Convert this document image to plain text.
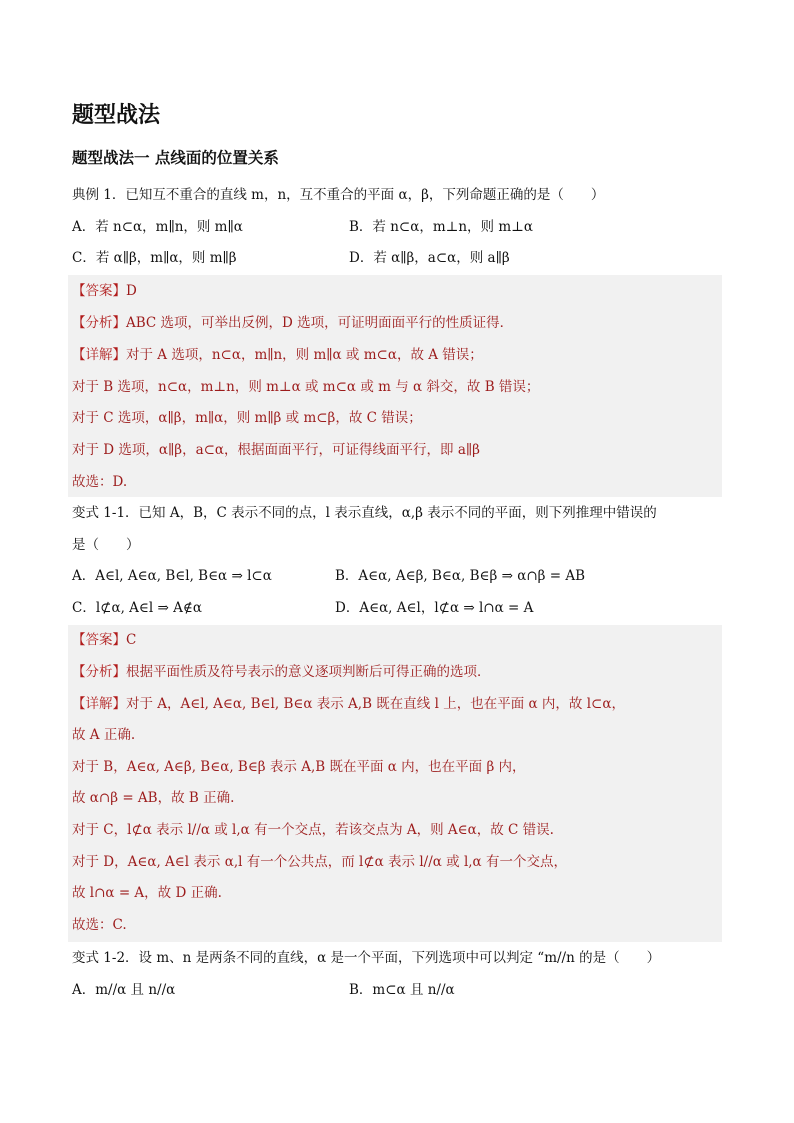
题型战法
题型战法一 点线面的位置关系
典例 1．已知互不重合的直线 m，n，互不重合的平面 α，β，下列命题正确的是（　　）
A．若 n⊂α，m∥n，则 m∥α	B．若 n⊂α，m⊥n，则 m⊥α
C．若 α∥β，m∥α，则 m∥β	D．若 α∥β，a⊂α，则 a∥β
【答案】D
【分析】ABC 选项，可举出反例，D 选项，可证明面面平行的性质证得．
【详解】对于 A 选项，n⊂α，m∥n，则 m∥α 或 m⊂α，故 A 错误；
对于 B 选项，n⊂α，m⊥n，则 m⊥α 或 m⊂α 或 m 与 α 斜交，故 B 错误；
对于 C 选项，α∥β，m∥α，则 m∥β 或 m⊂β，故 C 错误；
对于 D 选项，α∥β，a⊂α，根据面面平行，可证得线面平行，即 a∥β
故选：D.
变式 1-1．已知 A，B，C 表示不同的点，l 表示直线，α,β 表示不同的平面，则下列推理中错误的
是（　　）
A．A∈l, A∈α, B∈l, B∈α ⇒ l⊂α	B．A∈α, A∈β, B∈α, B∈β ⇒ α∩β = AB
C．l⊄α, A∈l ⇒ A∉α	D．A∈α, A∈l，l⊄α ⇒ l∩α = A
【答案】C
【分析】根据平面性质及符号表示的意义逐项判断后可得正确的选项．
【详解】对于 A，A∈l, A∈α, B∈l, B∈α 表示 A,B 既在直线 l 上，也在平面 α 内，故 l⊂α，
故 A 正确.
对于 B，A∈α, A∈β, B∈α, B∈β 表示 A,B 既在平面 α 内，也在平面 β 内，
故 α∩β = AB，故 B 正确.
对于 C，l⊄α 表示 l//α 或 l,α 有一个交点，若该交点为 A，则 A∈α，故 C 错误.
对于 D，A∈α, A∈l 表示 α,l 有一个公共点，而 l⊄α 表示 l//α 或 l,α 有一个交点，
故 l∩α = A，故 D 正确.
故选：C.
变式 1-2．设 m、n 是两条不同的直线，α 是一个平面，下列选项中可以判定 “m//n 的是（　　）
A．m//α 且 n//α	B．m⊂α 且 n//α
